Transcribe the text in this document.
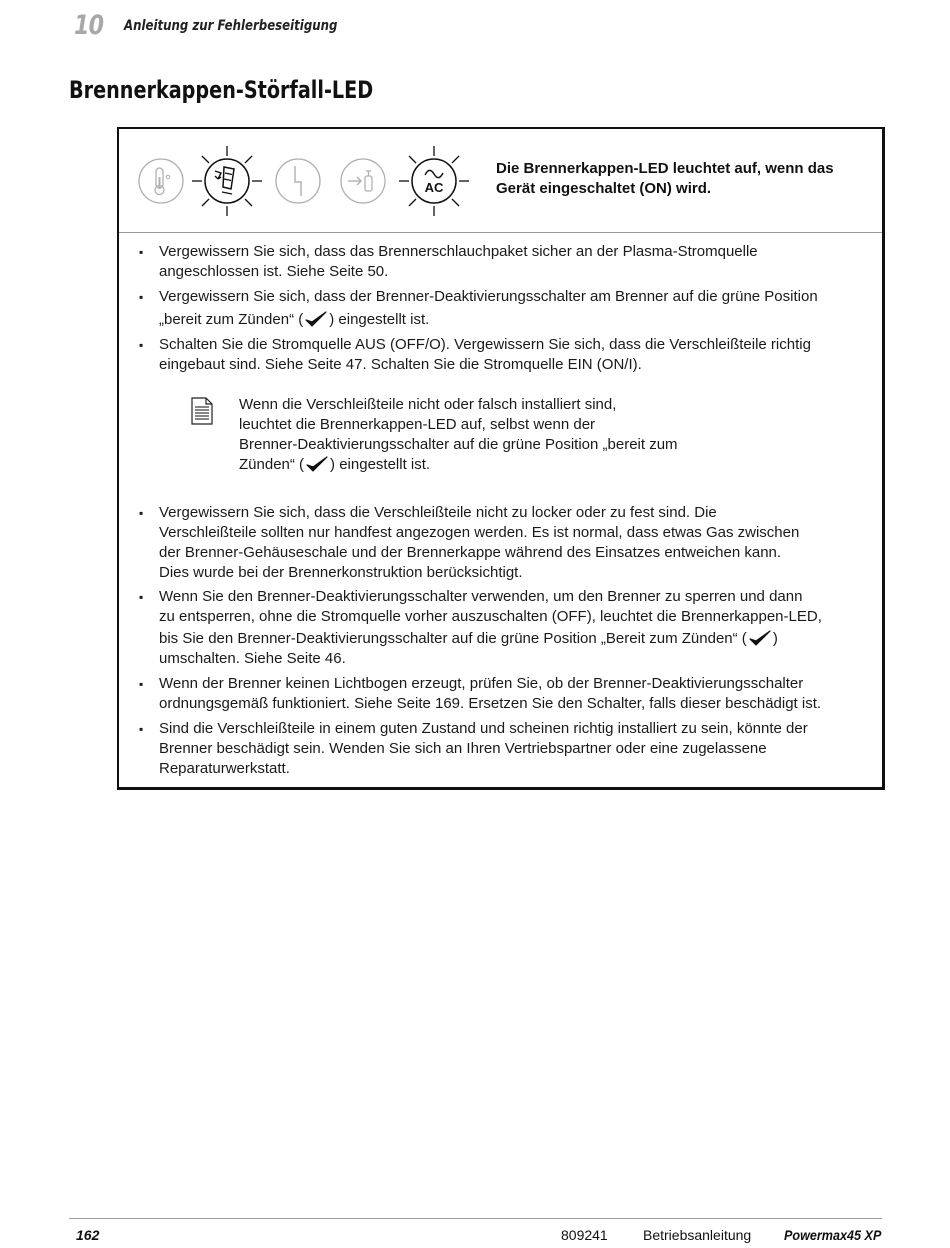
10 Anleitung zur Fehlerbeseitigung
Brennerkappen-Störfall-LED
AC
Die Brennerkappen-LED leuchtet auf, wenn das Gerät eingeschaltet (ON) wird.
▪ Vergewissern Sie sich, dass das Brennerschlauchpaket sicher an der Plasma-Stromquelle
angeschlossen ist. Siehe Seite 50.
▪ Vergewissern Sie sich, dass der Brenner-Deaktivierungsschalter am Brenner auf die grüne Position
„bereit zum Zünden“ ( ) eingestellt ist.
▪ Schalten Sie die Stromquelle AUS (OFF/O). Vergewissern Sie sich, dass die Verschleißteile richtig
eingebaut sind. Siehe Seite 47. Schalten Sie die Stromquelle EIN (ON/I).
Wenn die Verschleißteile nicht oder falsch installiert sind,
leuchtet die Brennerkappen-LED auf, selbst wenn der
Brenner-Deaktivierungsschalter auf die grüne Position „bereit zum
Zünden“ ( ) eingestellt ist.
▪ Vergewissern Sie sich, dass die Verschleißteile nicht zu locker oder zu fest sind. Die
Verschleißteile sollten nur handfest angezogen werden. Es ist normal, dass etwas Gas zwischen
der Brenner-Gehäuseschale und der Brennerkappe während des Einsatzes entweichen kann.
Dies wurde bei der Brennerkonstruktion berücksichtigt.
▪ Wenn Sie den Brenner-Deaktivierungsschalter verwenden, um den Brenner zu sperren und dann
zu entsperren, ohne die Stromquelle vorher auszuschalten (OFF), leuchtet die Brennerkappen-LED,
bis Sie den Brenner-Deaktivierungsschalter auf die grüne Position „Bereit zum Zünden“ ( )
umschalten. Siehe Seite 46.
▪ Wenn der Brenner keinen Lichtbogen erzeugt, prüfen Sie, ob der Brenner-Deaktivierungsschalter
ordnungsgemäß funktioniert. Siehe Seite 169. Ersetzen Sie den Schalter, falls dieser beschädigt ist.
▪ Sind die Verschleißteile in einem guten Zustand und scheinen richtig installiert zu sein, könnte der
Brenner beschädigt sein. Wenden Sie sich an Ihren Vertriebspartner oder eine zugelassene
Reparaturwerkstatt.
162	809241	Betriebsanleitung Powermax45 XP
